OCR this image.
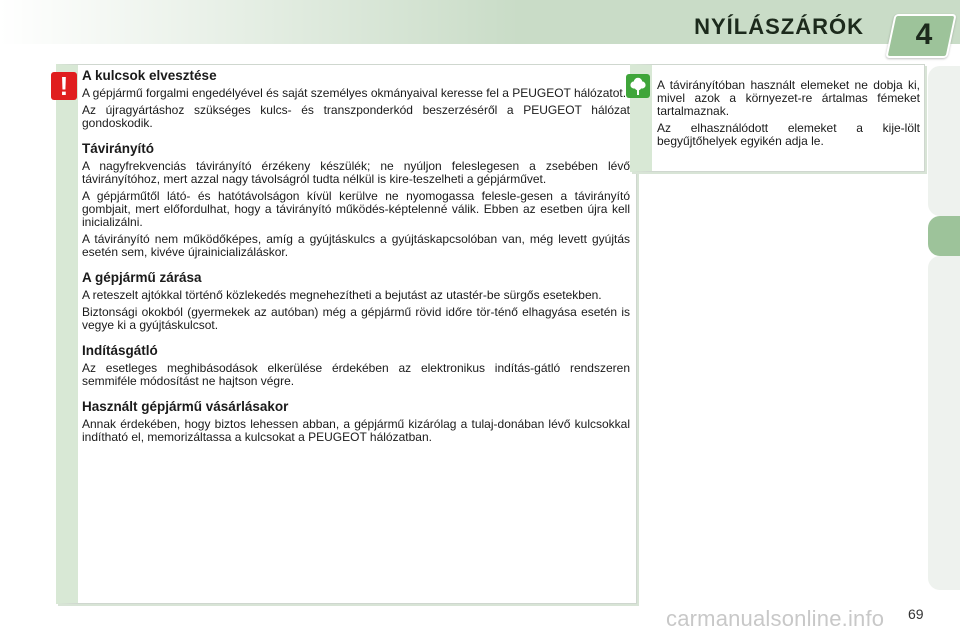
NYÍLÁSZÁRÓK	4
A kulcsok elvesztése

A gépjármű forgalmi engedélyével és saját személyes okmányaival keresse fel a PEUGEOT hálózatot.

Az újragyártáshoz szükséges kulcs- és transzponderkód beszerzéséről a PEUGEOT hálózat gondoskodik.

Távirányító

A nagyfrekvenciás távirányító érzékeny készülék; ne nyúljon feleslegesen a zsebében lévő távirányítóhoz, mert azzal nagy távolságról tudta nélkül is kire-teszelheti a gépjárművet.

A gépjárműtől látó- és hatótávolságon kívül kerülve ne nyomogassa felesle-gesen a távirányító gombjait, mert előfordulhat, hogy a távirányító működés-képtelenné válik. Ebben az esetben újra kell inicializálni.

A távirányító nem működőképes, amíg a gyújtáskulcs a gyújtáskapcsolóban van, még levett gyújtás esetén sem, kivéve újrainicializáláskor.

A gépjármű zárása

A reteszelt ajtókkal történő közlekedés megnehezítheti a bejutást az utastér-be sürgős esetekben.

Biztonsági okokból (gyermekek az autóban) még a gépjármű rövid időre tör-ténő elhagyása esetén is vegye ki a gyújtáskulcsot.

Indításgátló

Az esetleges meghibásodások elkerülése érdekében az elektronikus indítás-gátló rendszeren semmiféle módosítást ne hajtson végre.

Használt gépjármű vásárlásakor

Annak érdekében, hogy biztos lehessen abban, a gépjármű kizárólag a tulaj-donában lévő kulcsokkal indítható el, memorizáltassa a kulcsokat a PEUGEOT hálózatban.

!	A távirányítóban használt elemeket ne dobja ki, mivel azok a környezet-re ártalmas fémeket tartalmaznak.

Az elhasználódott elemeket a kije-lölt begyűjtőhelyek egyikén adja le.

carmanualsonline.info 69
